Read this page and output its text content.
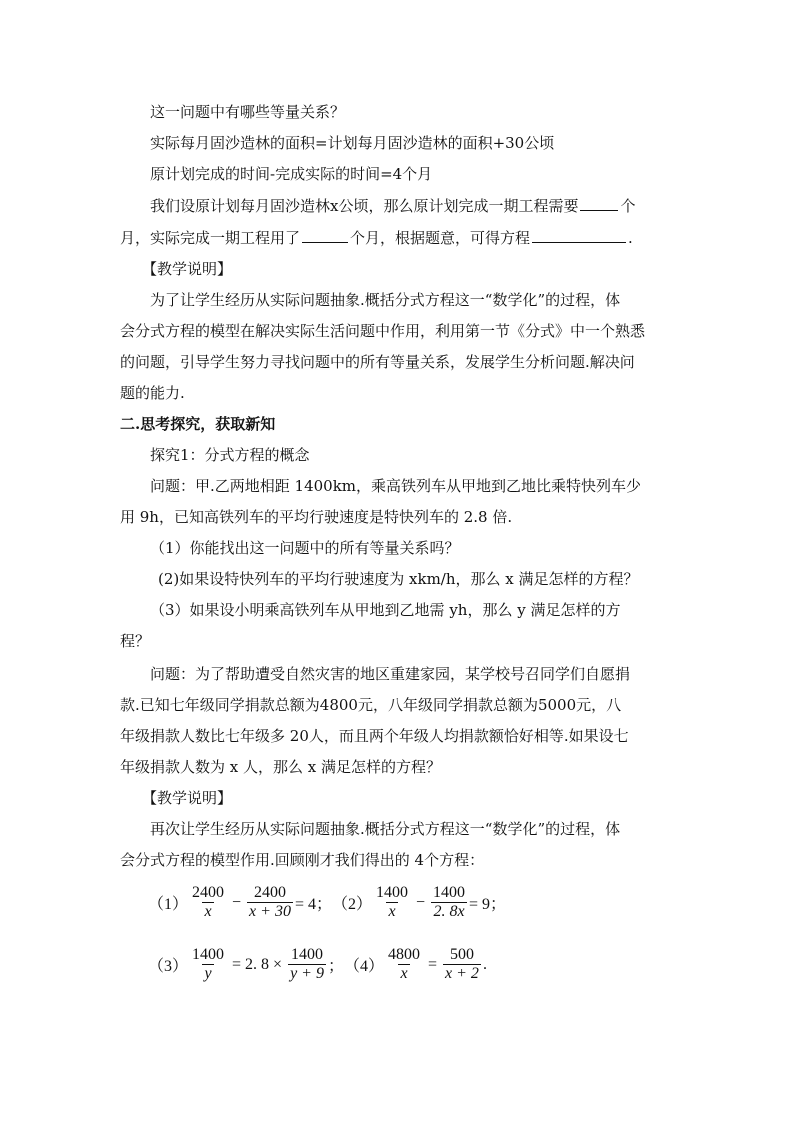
这一问题中有哪些等量关系？
实际每月固沙造林的面积=计划每月固沙造林的面积+30公顷
原计划完成的时间-完成实际的时间=4个月
我们设原计划每月固沙造林x公顷，那么原计划完成一期工程需要	个
月，实际完成一期工程用了	个月，根据题意，可得方程	.
【教学说明】
为了让学生经历从实际问题抽象.概括分式方程这一“数学化”的过程，体
会分式方程的模型在解决实际生活问题中作用，利用第一节《分式》中一个熟悉
的问题，引导学生努力寻找问题中的所有等量关系，发展学生分析问题.解决问
题的能力.
二.思考探究，获取新知
探究1：分式方程的概念
问题：甲.乙两地相距 1400km，乘高铁列车从甲地到乙地比乘特快列车少
用 9h，已知高铁列车的平均行驶速度是特快列车的 2.8 倍.
（1）你能找出这一问题中的所有等量关系吗？
(2)如果设特快列车的平均行驶速度为 xkm/h，那么 x 满足怎样的方程？
（3）如果设小明乘高铁列车从甲地到乙地需 yh，那么 y 满足怎样的方
程？
问题：为了帮助遭受自然灾害的地区重建家园，某学校号召同学们自愿捐
款.已知七年级同学捐款总额为4800元，八年级同学捐款总额为5000元，八
年级捐款人数比七年级多 20人，而且两个年级人均捐款额恰好相等.如果设七
年级捐款人数为 x 人，那么 x 满足怎样的方程？
【教学说明】
再次让学生经历从实际问题抽象.概括分式方程这一“数学化”的过程，体
会分式方程的模型作用.回顾刚才我们得出的 4个方程：
$(1) \frac{2400}{x} - \frac{2400}{x + 30} = 4$； $(2) \frac{1400}{x} - \frac{1400}{2. 8x} = 9$；
$(3) \frac{1400}{y} = 2$. $8 \times \frac{1400}{y + 9}$ ； $(4) \frac{4800}{x} = \frac{500}{x + 2}$ .
